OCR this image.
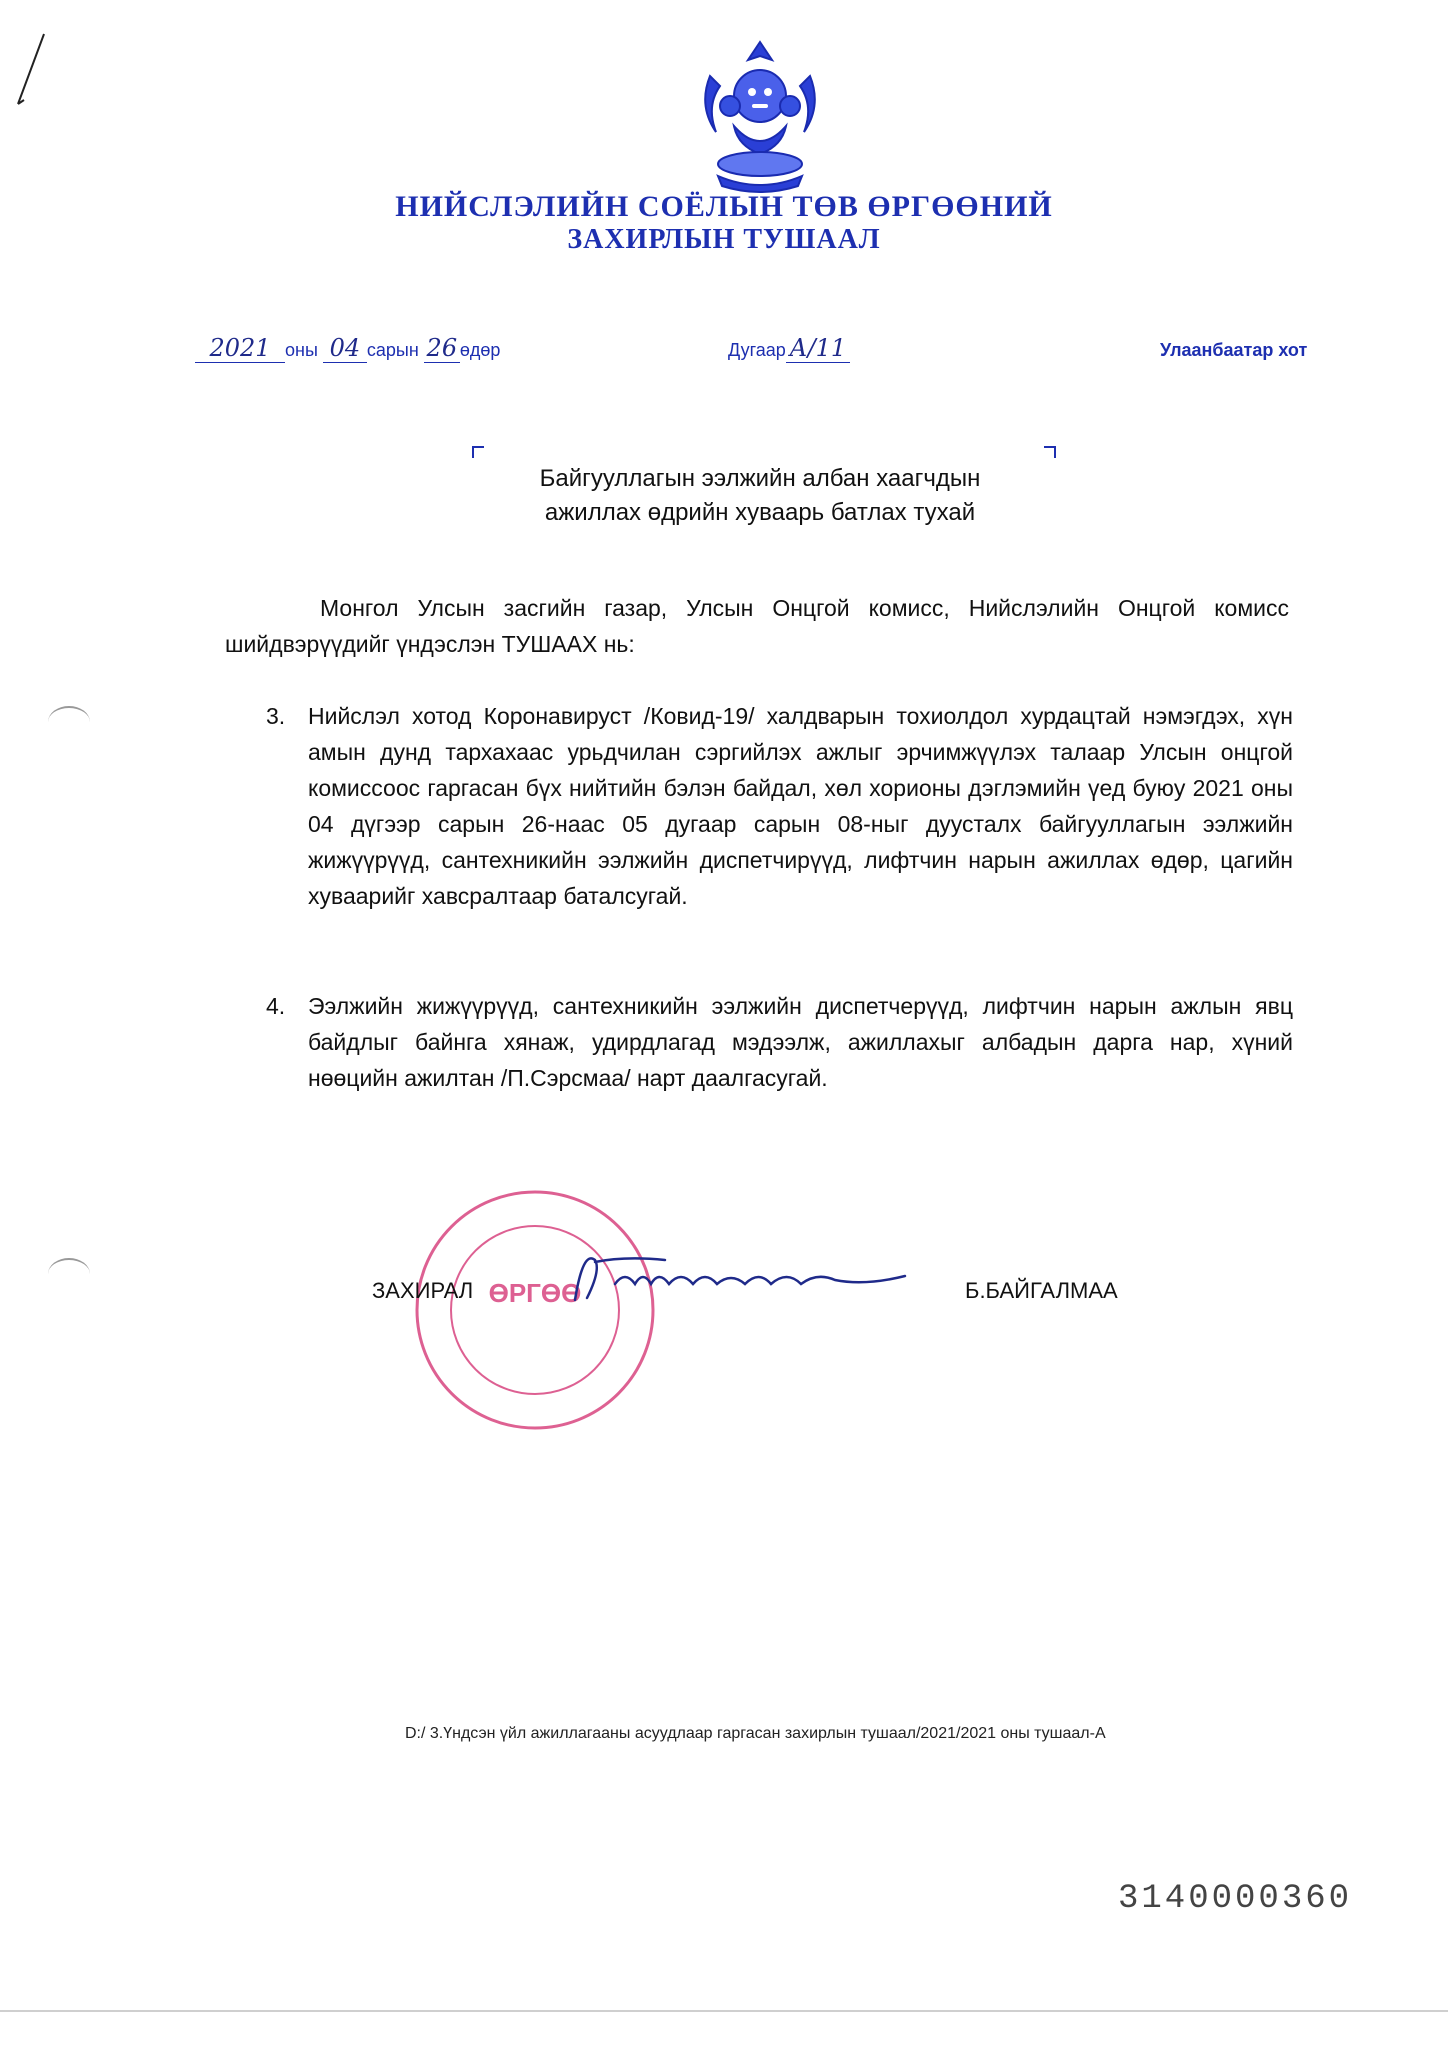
НИЙСЛЭЛИЙН СОЁЛЫН ТӨВ ӨРГӨӨНИЙ
ЗАХИРЛЫН ТУШААЛ
2021 оны 04 сарын 26 өдөр	Дугаар А/11	Улаанбаатар хот
Байгууллагын ээлжийн албан хаагчдын
ажиллах өдрийн хуваарь батлах тухай
Монгол Улсын засгийн газар, Улсын Онцгой комисс, Нийслэлийн Онцгой комисс шийдвэрүүдийг үндэслэн ТУШААХ нь:
3. Нийслэл хотод Коронавируст /Ковид-19/ халдварын тохиолдол хурдацтай нэмэгдэх, хүн амын дунд тархахаас урьдчилан сэргийлэх ажлыг эрчимжүүлэх талаар Улсын онцгой комиссоос гаргасан бүх нийтийн бэлэн байдал, хөл хорионы дэглэмийн үед буюу 2021 оны 04 дүгээр сарын 26-наас 05 дугаар сарын 08-ныг дуусталх байгууллагын ээлжийн жижүүрүүд, сантехникийн ээлжийн диспетчирүүд, лифтчин нарын ажиллах өдөр, цагийн хуваарийг хавсралтаар баталсугай.
4. Ээлжийн жижүүрүүд, сантехникийн ээлжийн диспетчерүүд, лифтчин нарын ажлын явц байдлыг байнга хянаж, удирдлагад мэдээлж, ажиллахыг албадын дарга нар, хүний нөөцийн ажилтан /П.Сэрсмаа/ нарт даалгасугай.
ӨРГӨӨ
ЗАХИРАЛ	Б.БАЙГАЛМАА
D:/ 3.Үндсэн үйл ажиллагааны асуудлаар гаргасан захирлын тушаал/2021/2021 оны тушаал-А
3140000360
